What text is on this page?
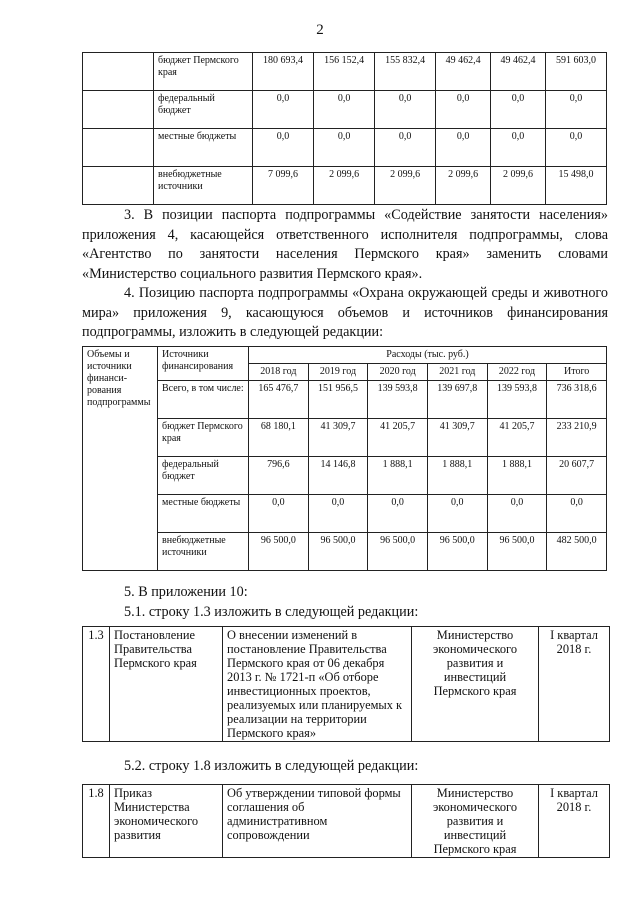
2
	бюджет Пермского края	180 693,4	156 152,4	155 832,4	49 462,4	49 462,4	591 603,0
	федеральный бюджет	0,0	0,0	0,0	0,0	0,0	0,0
	местные бюджеты	0,0	0,0	0,0	0,0	0,0	0,0
	внебюджетные источники	7 099,6	2 099,6	2 099,6	2 099,6	2 099,6	15 498,0

3. В позиции паспорта подпрограммы «Содействие занятости населения» приложения 4, касающейся ответственного исполнителя подпрограммы, слова «Агентство по занятости населения Пермского края» заменить словами «Министерство социального развития Пермского края».

4. Позицию паспорта подпрограммы «Охрана окружающей среды и животного мира» приложения 9, касающуюся объемов и источников финансирования подпрограммы, изложить в следующей редакции:

Объемы и источники финанси-рования подпрограммы	Источники финансирования	Расходы (тыс. руб.)					
		2018 год	2019 год	2020 год	2021 год	2022 год	Итого
	Всего, в том числе:	165 476,7	151 956,5	139 593,8	139 697,8	139 593,8	736 318,6
	бюджет Пермского края	68 180,1	41 309,7	41 205,7	41 309,7	41 205,7	233 210,9
	федеральный бюджет	796,6	14 146,8	1 888,1	1 888,1	1 888,1	20 607,7
	местные бюджеты	0,0	0,0	0,0	0,0	0,0	0,0
	внебюджетные источники	96 500,0	96 500,0	96 500,0	96 500,0	96 500,0	482 500,0
5. В приложении 10:
5.1. строку 1.3 изложить в следующей редакции:
1.3	Постановление Правительства Пермского края	О внесении изменений в постановление Правительства Пермского края от 06 декабря 2013 г. № 1721-п «Об отборе инвестиционных проектов, реализуемых или планируемых к реализации на территории Пермского края»	Министерство экономического развития и инвестиций Пермского края	I квартал 2018 г.
5.2. строку 1.8 изложить в следующей редакции:
1.8	Приказ Министерства экономического развития	Об утверждении типовой формы соглашения об административном сопровождении	Министерство экономического развития и инвестиций Пермского края	I квартал 2018 г.
